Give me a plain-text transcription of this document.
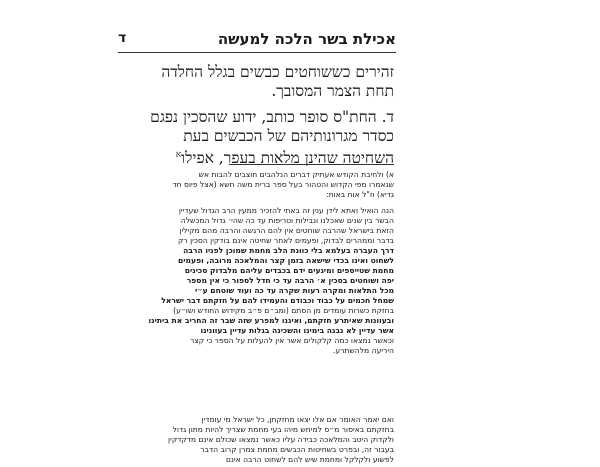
אכילת בשר הלכה למעשה
ד
זהירים כששוחטים כבשים בגלל החלדה
תחת הצמר המסובך.
ד. החת"ס סופר כותב, ידוע שהסכין נפגם
כסדר מגרונותיהם של הכבשים בעת
השחיטה שהינן מלאות בעפר, אפילו$^א$
א) ולחיבת הקודש אעתיק דברים הנלהבים חוצבים להבות אש
שנאמרו מפי הקדוש והטהור בעל ספר ברית משה חשא (אצל פיוס חד
גדיא) וז"ל אות באות:
הנה הואיל ואתא לידן ענין זה באתי להזכיר ממעין הרב הגדול שעדיין
הבשר בין שנים שאכלנו ונבילות וטריפות עד כה שהי׳ גדול המכשלה
הזאת בישראל שהרבה שוחטים אין להם הרגשה והרבה מהם מקילין
בדבר וממהרים לבדוק, ופעמים לאחר שחיטה אינם בודקין הסכין רק
דרך העברה בעלמא בלי כוונת הלב מחמת שמוכן לפניו הרבה
לשחוט ואינו בכדי שישאה בזמן קצר והמלאכה מרובה, ופעמים
מחמת שטייספים ומיגעים ידם בכבדים עליהם מלבדוק סכינים
יפה ושוחטים בסכין א׳ הרבה עד כי חדל לספור כי אין מספר
מכל התלאות ומקרה רעות שקרה עד כה ועוד שוטחם ע״י
שמחל חכמים על כבוד וכבודם והעמידו להם על חזקתם דבר ישראל
בחזקת כשרות עומדים מן הסתם (ומב״ם פ״ב מקידוש החודש ושו״ע)
ובעוונות שאיתרע חזקתם, ואיננו למפרע שזה שבר זה החריב את ביתינו
אשר עדיין לא נבנה בימינו והשכינה בגלות עדיין בעוונינו
וכאשר נמצאו כמה קלקולים אשר אין להעלות על הספר כי קצר
היריעה מלהשתרע.
ואם יאמר האומר אם אלו יצאו מחזקתן, כל ישראל מי עומדין
בחזקתם באיסור מ״ס למיחש מיהו בעי מחמת שצריך להיות מתון גדול
ולקדוק היטב והמלאכה כבידה עליו כאשר נמצאו שכולם אינם מדקדקין
בעבור זה, ובפרט בשחיטות הכבשים מחמת צמרן קרוב הדבר
לפשוע ולקלקל ומחמת שיש להם לשחוט הרבה אינם
